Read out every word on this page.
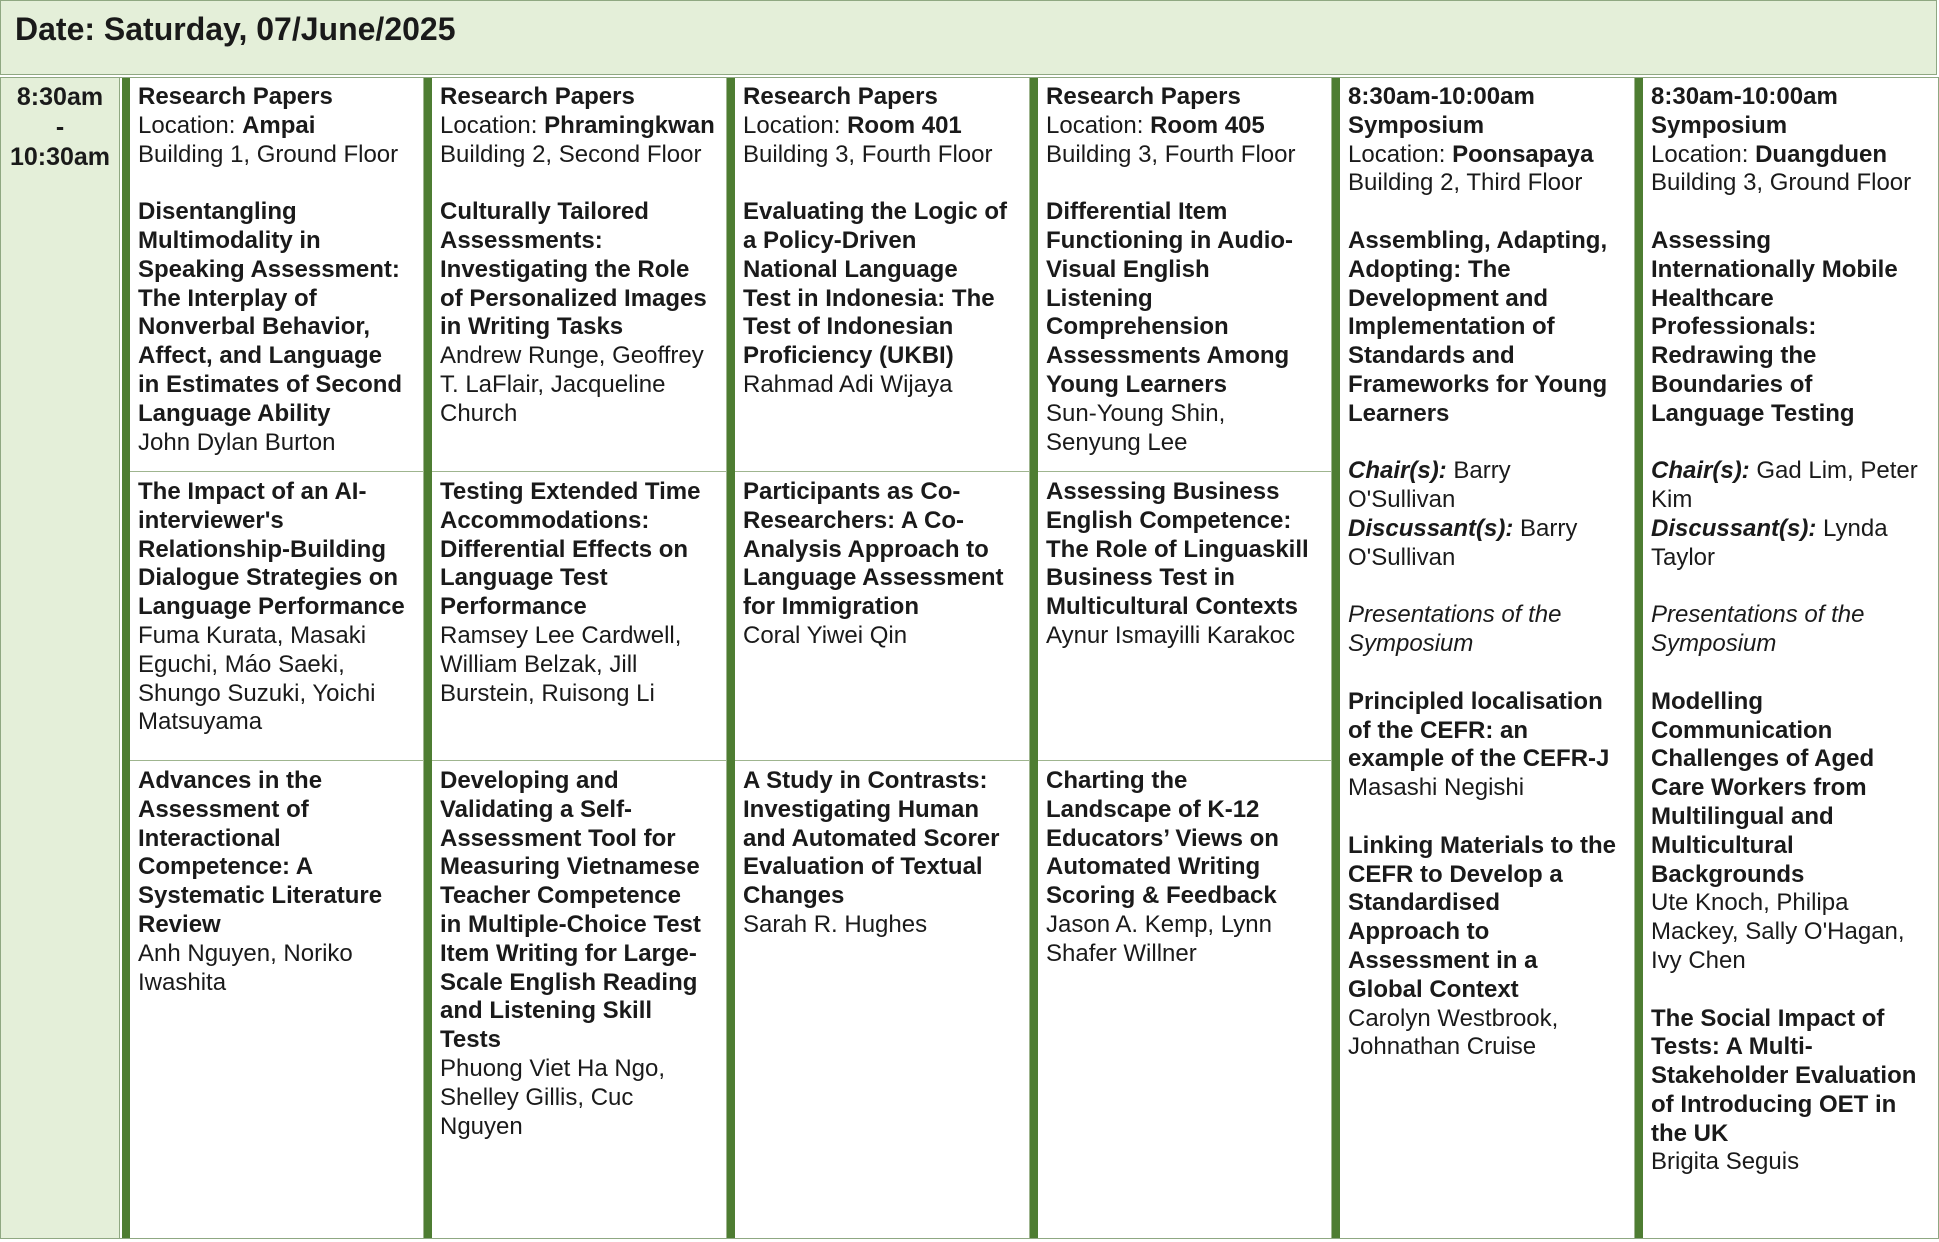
Date: Saturday, 07/June/2025
8:30am
-
10:30am
Research Papers
Location: Ampai
Building 1, Ground Floor
Disentangling
Multimodality in
Speaking Assessment:
The Interplay of
Nonverbal Behavior,
Affect, and Language
in Estimates of Second
Language Ability
John Dylan Burton
The Impact of an AI-
interviewer's
Relationship-Building
Dialogue Strategies on
Language Performance
Fuma Kurata, Masaki
Eguchi, Máo Saeki,
Shungo Suzuki, Yoichi
Matsuyama
Advances in the
Assessment of
Interactional
Competence: A
Systematic Literature
Review
Anh Nguyen, Noriko
Iwashita
Research Papers
Location: Phramingkwan
Building 2, Second Floor
Culturally Tailored
Assessments:
Investigating the Role
of Personalized Images
in Writing Tasks
Andrew Runge, Geoffrey
T. LaFlair, Jacqueline
Church
Testing Extended Time
Accommodations:
Differential Effects on
Language Test
Performance
Ramsey Lee Cardwell,
William Belzak, Jill
Burstein, Ruisong Li
Developing and
Validating a Self-
Assessment Tool for
Measuring Vietnamese
Teacher Competence
in Multiple-Choice Test
Item Writing for Large-
Scale English Reading
and Listening Skill
Tests
Phuong Viet Ha Ngo,
Shelley Gillis, Cuc
Nguyen
Research Papers
Location: Room 401
Building 3, Fourth Floor
Evaluating the Logic of
a Policy-Driven
National Language
Test in Indonesia: The
Test of Indonesian
Proficiency (UKBI)
Rahmad Adi Wijaya
Participants as Co-
Researchers: A Co-
Analysis Approach to
Language Assessment
for Immigration
Coral Yiwei Qin
A Study in Contrasts:
Investigating Human
and Automated Scorer
Evaluation of Textual
Changes
Sarah R. Hughes
Research Papers
Location: Room 405
Building 3, Fourth Floor
Differential Item
Functioning in Audio-
Visual English
Listening
Comprehension
Assessments Among
Young Learners
Sun-Young Shin,
Senyung Lee
Assessing Business
English Competence:
The Role of Linguaskill
Business Test in
Multicultural Contexts
Aynur Ismayilli Karakoc
Charting the
Landscape of K-12
Educators’ Views on
Automated Writing
Scoring & Feedback
Jason A. Kemp, Lynn
Shafer Willner
8:30am-10:00am
Symposium
Location: Poonsapaya
Building 2, Third Floor
Assembling, Adapting,
Adopting: The
Development and
Implementation of
Standards and
Frameworks for Young
Learners
Chair(s): Barry
O'Sullivan
Discussant(s): Barry
O'Sullivan
Presentations of the
Symposium
Principled localisation
of the CEFR: an
example of the CEFR-J
Masashi Negishi
Linking Materials to the
CEFR to Develop a
Standardised
Approach to
Assessment in a
Global Context
Carolyn Westbrook,
Johnathan Cruise
8:30am-10:00am
Symposium
Location: Duangduen
Building 3, Ground Floor
Assessing
Internationally Mobile
Healthcare
Professionals:
Redrawing the
Boundaries of
Language Testing
Chair(s): Gad Lim, Peter
Kim
Discussant(s): Lynda
Taylor
Presentations of the
Symposium
Modelling
Communication
Challenges of Aged
Care Workers from
Multilingual and
Multicultural
Backgrounds
Ute Knoch, Philipa
Mackey, Sally O'Hagan,
Ivy Chen
The Social Impact of
Tests: A Multi-
Stakeholder Evaluation
of Introducing OET in
the UK
Brigita Seguis
